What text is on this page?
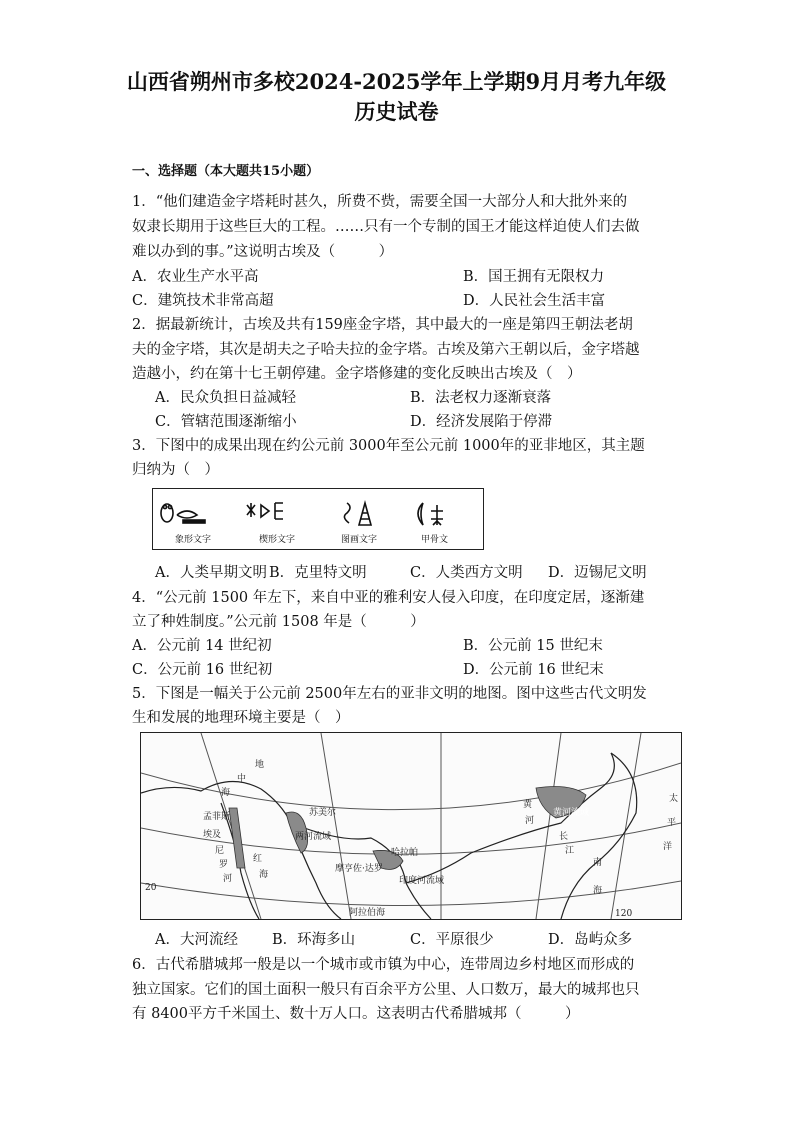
山西省朔州市多校2024-2025学年上学期9月月考九年级
历史试卷
一、选择题（本大题共15小题）
1．“他们建造金字塔耗时甚久，所费不赀，需要全国一大部分人和大批外来的
奴隶长期用于这些巨大的工程。……只有一个专制的国王才能这样迫使人们去做
难以办到的事。”这说明古埃及（　　　）
A．农业生产水平高	B．国王拥有无限权力
C．建筑技术非常高超	D．人民社会生活丰富
2．据最新统计，古埃及共有159座金字塔，其中最大的一座是第四王朝法老胡
夫的金字塔，其次是胡夫之子哈夫拉的金字塔。古埃及第六王朝以后，金字塔越
造越小，约在第十七王朝停建。金字塔修建的变化反映出古埃及（　）
A．民众负担日益减轻	B．法老权力逐渐衰落
C．管辖范围逐渐缩小	D．经济发展陷于停滞
3．下图中的成果出现在约公元前 3000年至公元前 1000年的亚非地区，其主题
归纳为（　）
象形文字	楔形文字	图画文字	甲骨文
A．人类早期文明 B．克里特文明	C．人类西方文明 D．迈锡尼文明
4．“公元前 1500 年左下，来自中亚的雅利安人侵入印度，在印度定居，逐渐建
立了种姓制度。”公元前 1508 年是（　　　）
A．公元前 14 世纪初	B．公元前 15 世纪末
C．公元前 16 世纪初	D．公元前 16 世纪末
5．下图是一幅关于公元前 2500年左右的亚非文明的地图。图中这些古代文明发
生和发展的地理环境主要是（　）
地
中
海
孟菲斯
埃及
尼
罗
河
红
海
苏美尔
两河流域
摩亨佐·达罗
哈拉帕
印度河流域
阿拉伯海
黄河流域
黄
河
长
江
太
平
洋
南
海
120
20
A．大河流经 B．环海多山	C．平原很少	D．岛屿众多
6．古代希腊城邦一般是以一个城市或市镇为中心，连带周边乡村地区而形成的
独立国家。它们的国土面积一般只有百余平方公里、人口数万，最大的城邦也只
有 8400平方千米国土、数十万人口。这表明古代希腊城邦（　　　）
